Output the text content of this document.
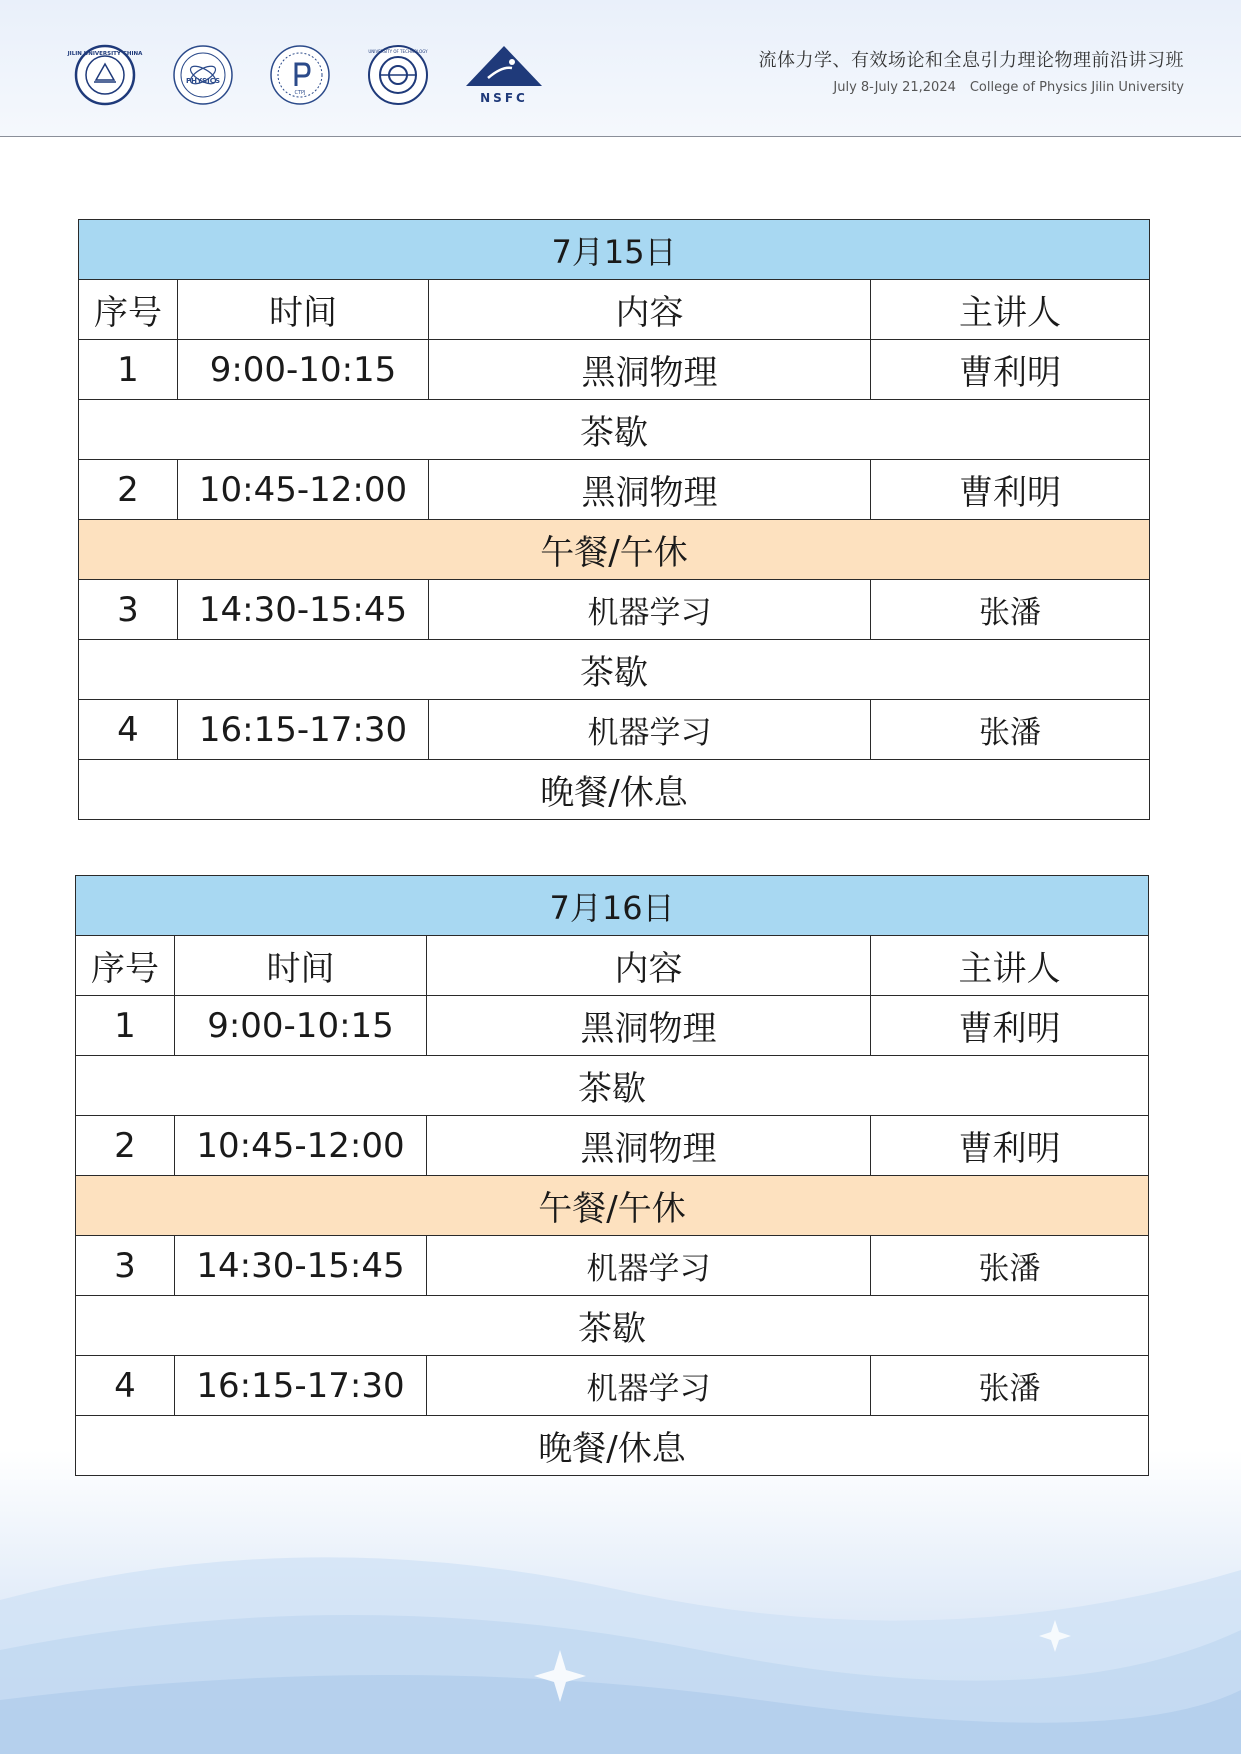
JILIN UNIVERSITY CHINA
PHYSICS
CTPJ
UNIVERSITY OF TECHNOLOGY
NSFC
流体力学、有效场论和全息引力理论物理前沿讲习班
July 8-July 21,2024 College of Physics Jilin University
7月15日			
序号	时间	内容	主讲人
1	9:00-10:15	黑洞物理	曹利明
茶歇			
2	10:45-12:00	黑洞物理	曹利明
午餐/午休			
3	14:30-15:45	机器学习	张潘
茶歇			
4	16:15-17:30	机器学习	张潘
晚餐/休息			
7月16日			
序号	时间	内容	主讲人
1	9:00-10:15	黑洞物理	曹利明
茶歇			
2	10:45-12:00	黑洞物理	曹利明
午餐/午休			
3	14:30-15:45	机器学习	张潘
茶歇			
4	16:15-17:30	机器学习	张潘
晚餐/休息			
